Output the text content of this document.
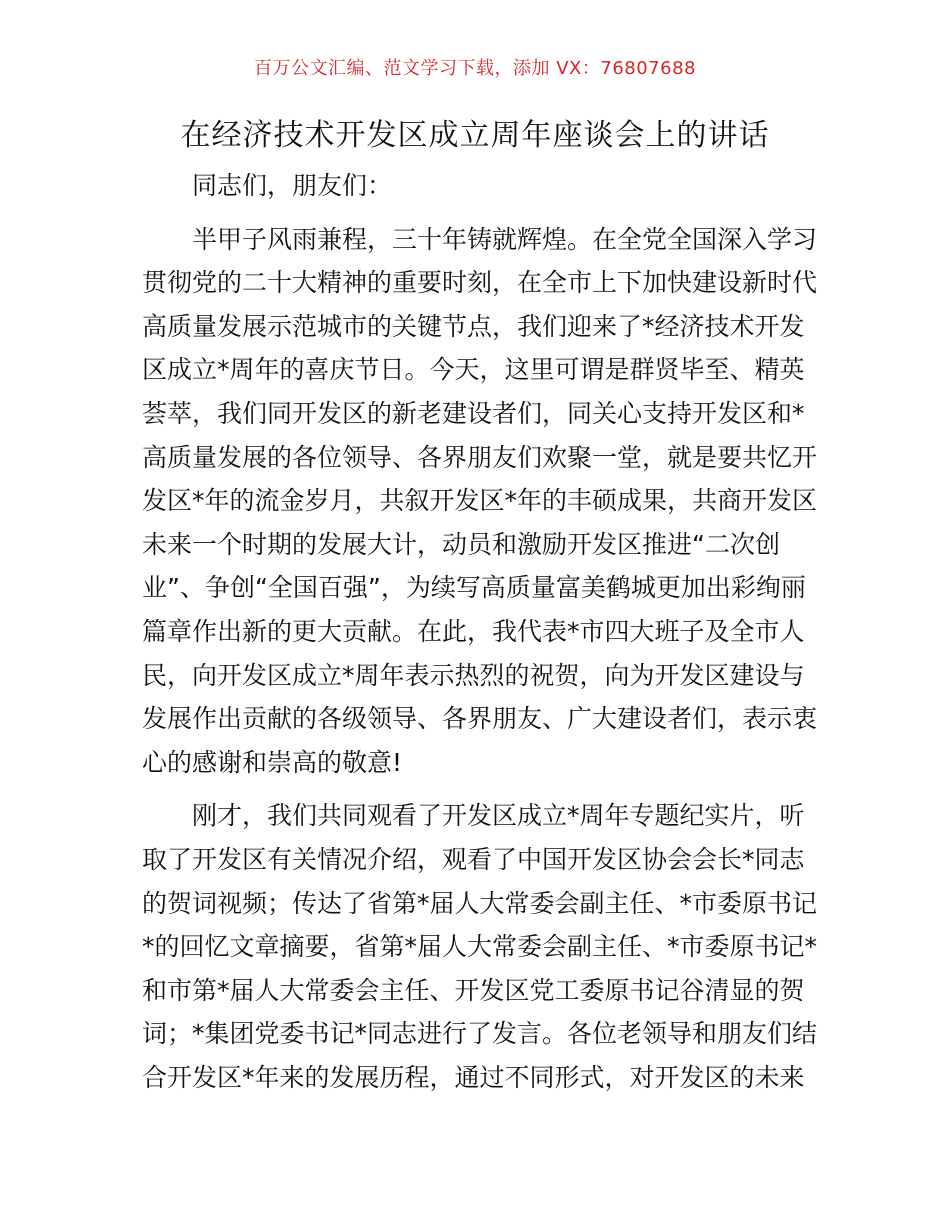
百万公文汇编、范文学习下载，添加 VX：76807688
在经济技术开发区成立周年座谈会上的讲话
同志们，朋友们：
半甲子风雨兼程，三十年铸就辉煌。在全党全国深入学习
贯彻党的二十大精神的重要时刻，在全市上下加快建设新时代
高质量发展示范城市的关键节点，我们迎来了*经济技术开发
区成立*周年的喜庆节日。今天，这里可谓是群贤毕至、精英
荟萃，我们同开发区的新老建设者们，同关心支持开发区和*
高质量发展的各位领导、各界朋友们欢聚一堂，就是要共忆开
发区*年的流金岁月，共叙开发区*年的丰硕成果，共商开发区
未来一个时期的发展大计，动员和激励开发区推进“二次创
业”、争创“全国百强”，为续写高质量富美鹤城更加出彩绚丽
篇章作出新的更大贡献。在此，我代表*市四大班子及全市人
民，向开发区成立*周年表示热烈的祝贺，向为开发区建设与
发展作出贡献的各级领导、各界朋友、广大建设者们，表示衷
心的感谢和崇高的敬意!
刚才，我们共同观看了开发区成立*周年专题纪实片，听
取了开发区有关情况介绍，观看了中国开发区协会会长*同志
的贺词视频；传达了省第*届人大常委会副主任、*市委原书记
*的回忆文章摘要，省第*届人大常委会副主任、*市委原书记*
和市第*届人大常委会主任、开发区党工委原书记谷清显的贺
词；*集团党委书记*同志进行了发言。各位老领导和朋友们结
合开发区*年来的发展历程，通过不同形式，对开发区的未来
